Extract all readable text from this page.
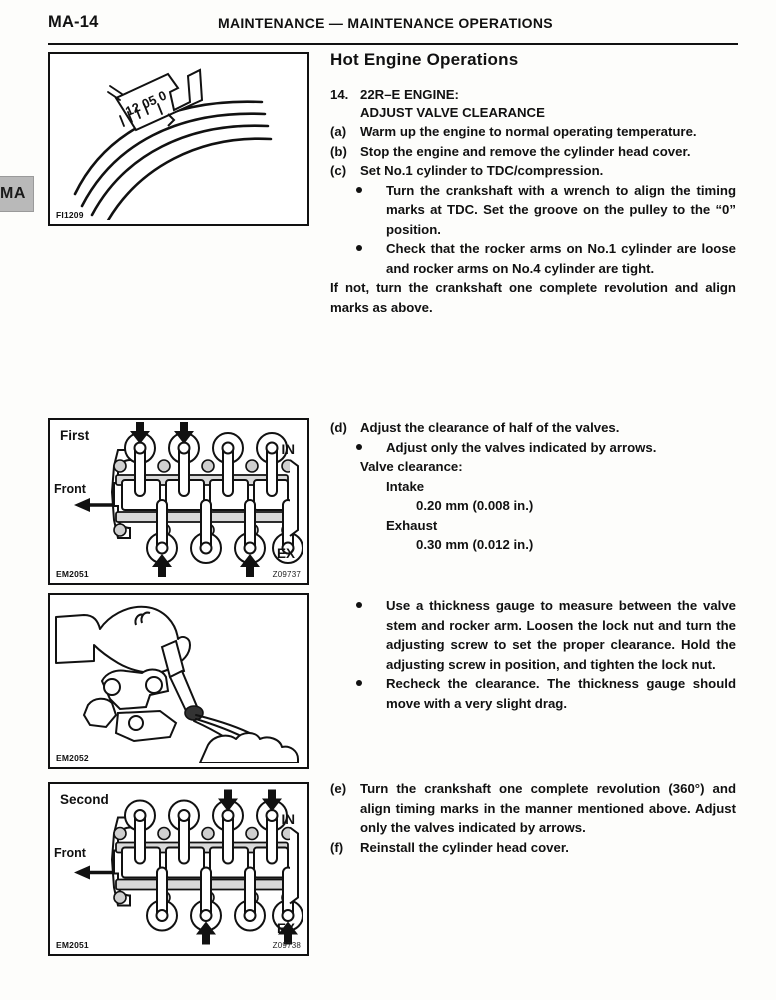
MA-14	MAINTENANCE — MAINTENANCE OPERATIONS
MA
12 05 0
FI1209
First
IN
EX
Front
EM2051	Z09737
EM2052
Second
IN
EX
Front
EM2051	Z09738
Hot Engine Operations
14. 22R–E ENGINE:
ADJUST VALVE CLEARANCE
(a) Warm up the engine to normal operating temperature.
(b) Stop the engine and remove the cylinder head cover.
(c) Set No.1 cylinder to TDC/compression.
Turn the crankshaft with a wrench to align the timing marks at TDC. Set the groove on the pulley to the “0” position.
Check that the rocker arms on No.1 cylinder are loose and rocker arms on No.4 cylinder are tight.
If not, turn the crankshaft one complete revolution and align marks as above.
(d) Adjust the clearance of half of the valves.
Adjust only the valves indicated by arrows.
Valve clearance:
Intake
0.20 mm (0.008 in.)
Exhaust
0.30 mm (0.012 in.)
Use a thickness gauge to measure between the valve stem and rocker arm. Loosen the lock nut and turn the adjusting screw to set the proper clearance. Hold the adjusting screw in position, and tighten the lock nut.
Recheck the clearance. The thickness gauge should move with a very slight drag.
(e) Turn the crankshaft one complete revolution (360°) and align timing marks in the manner mentioned above. Adjust only the valves indicated by arrows.
(f) Reinstall the cylinder head cover.
